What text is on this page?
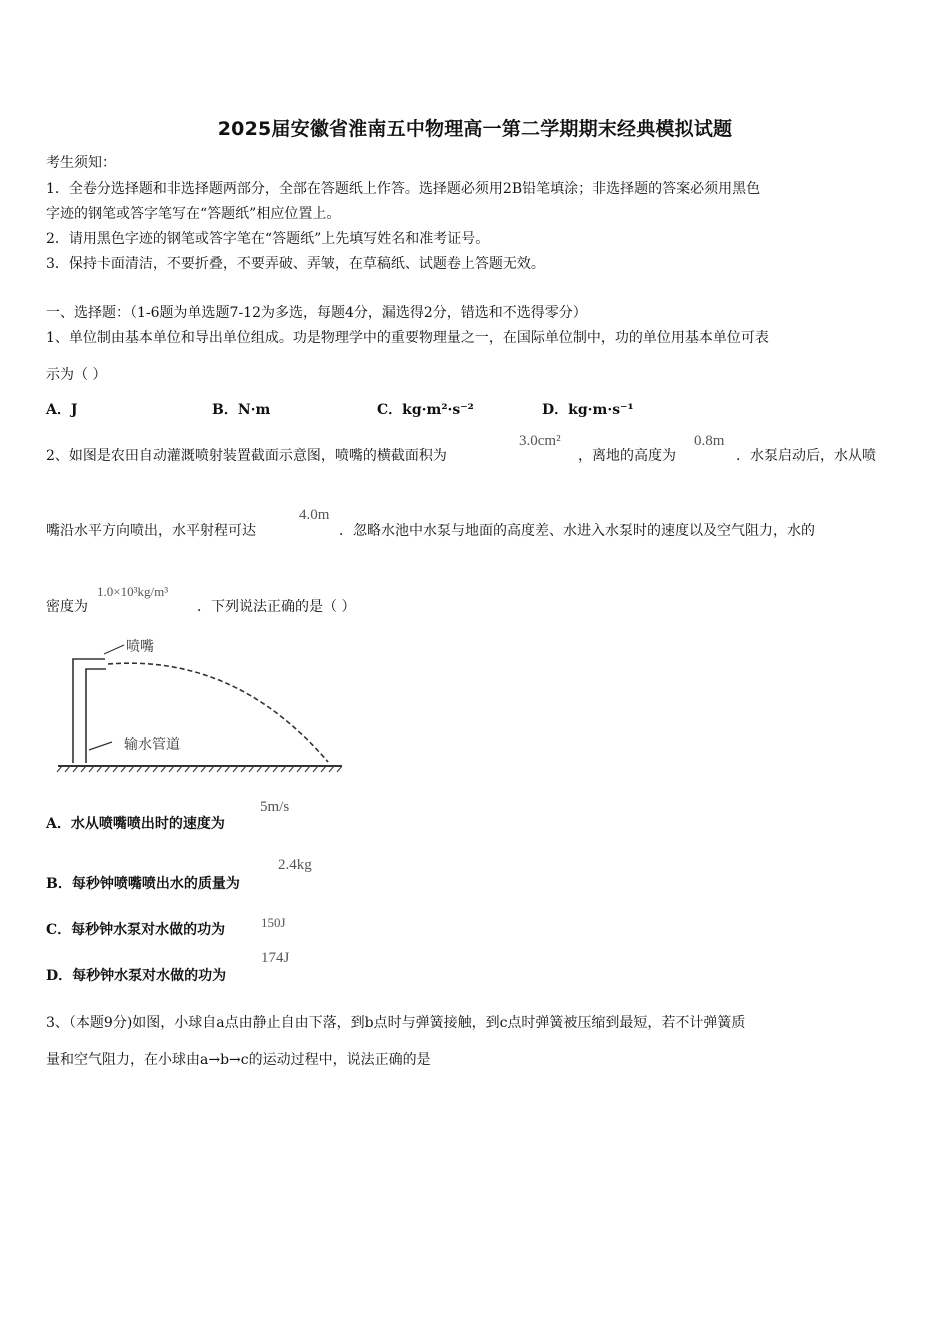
2025届安徽省淮南五中物理高一第二学期期末经典模拟试题
考生须知：
1．全卷分选择题和非选择题两部分，全部在答题纸上作答。选择题必须用2B铅笔填涂；非选择题的答案必须用黑色
字迹的钢笔或答字笔写在“答题纸”相应位置上。
2．请用黑色字迹的钢笔或答字笔在“答题纸”上先填写姓名和准考证号。
3．保持卡面清洁，不要折叠，不要弄破、弄皱，在草稿纸、试题卷上答题无效。
一、选择题：（1-6题为单选题7-12为多选，每题4分，漏选得2分，错选和不选得零分）
1、单位制由基本单位和导出单位组成。功是物理学中的重要物理量之一，在国际单位制中，功的单位用基本单位可表
示为（ ）
A．J	B．N·m	C．kg·m²·s⁻²	D．kg·m·s⁻¹
2、如图是农田自动灌溉喷射装置截面示意图，喷嘴的横截面积为
3.0cm²
，离地的高度为
0.8m
．水泵启动后，水从喷
嘴沿水平方向喷出，水平射程可达
4.0m
．忽略水池中水泵与地面的高度差、水进入水泵时的速度以及空气阻力，水的
密度为
1.0×10³kg/m³
．下列说法正确的是（ ）
喷嘴
输水管道
A．水从喷嘴喷出时的速度为
5m/s
B．每秒钟喷嘴喷出水的质量为
2.4kg
C．每秒钟水泵对水做的功为	150J
D．每秒钟水泵对水做的功为
174J
3、（本题9分)如图，小球自a点由静止自由下落，到b点时与弹簧接触，到c点时弹簧被压缩到最短，若不计弹簧质
量和空气阻力，在小球由a→b→c的运动过程中，说法正确的是
